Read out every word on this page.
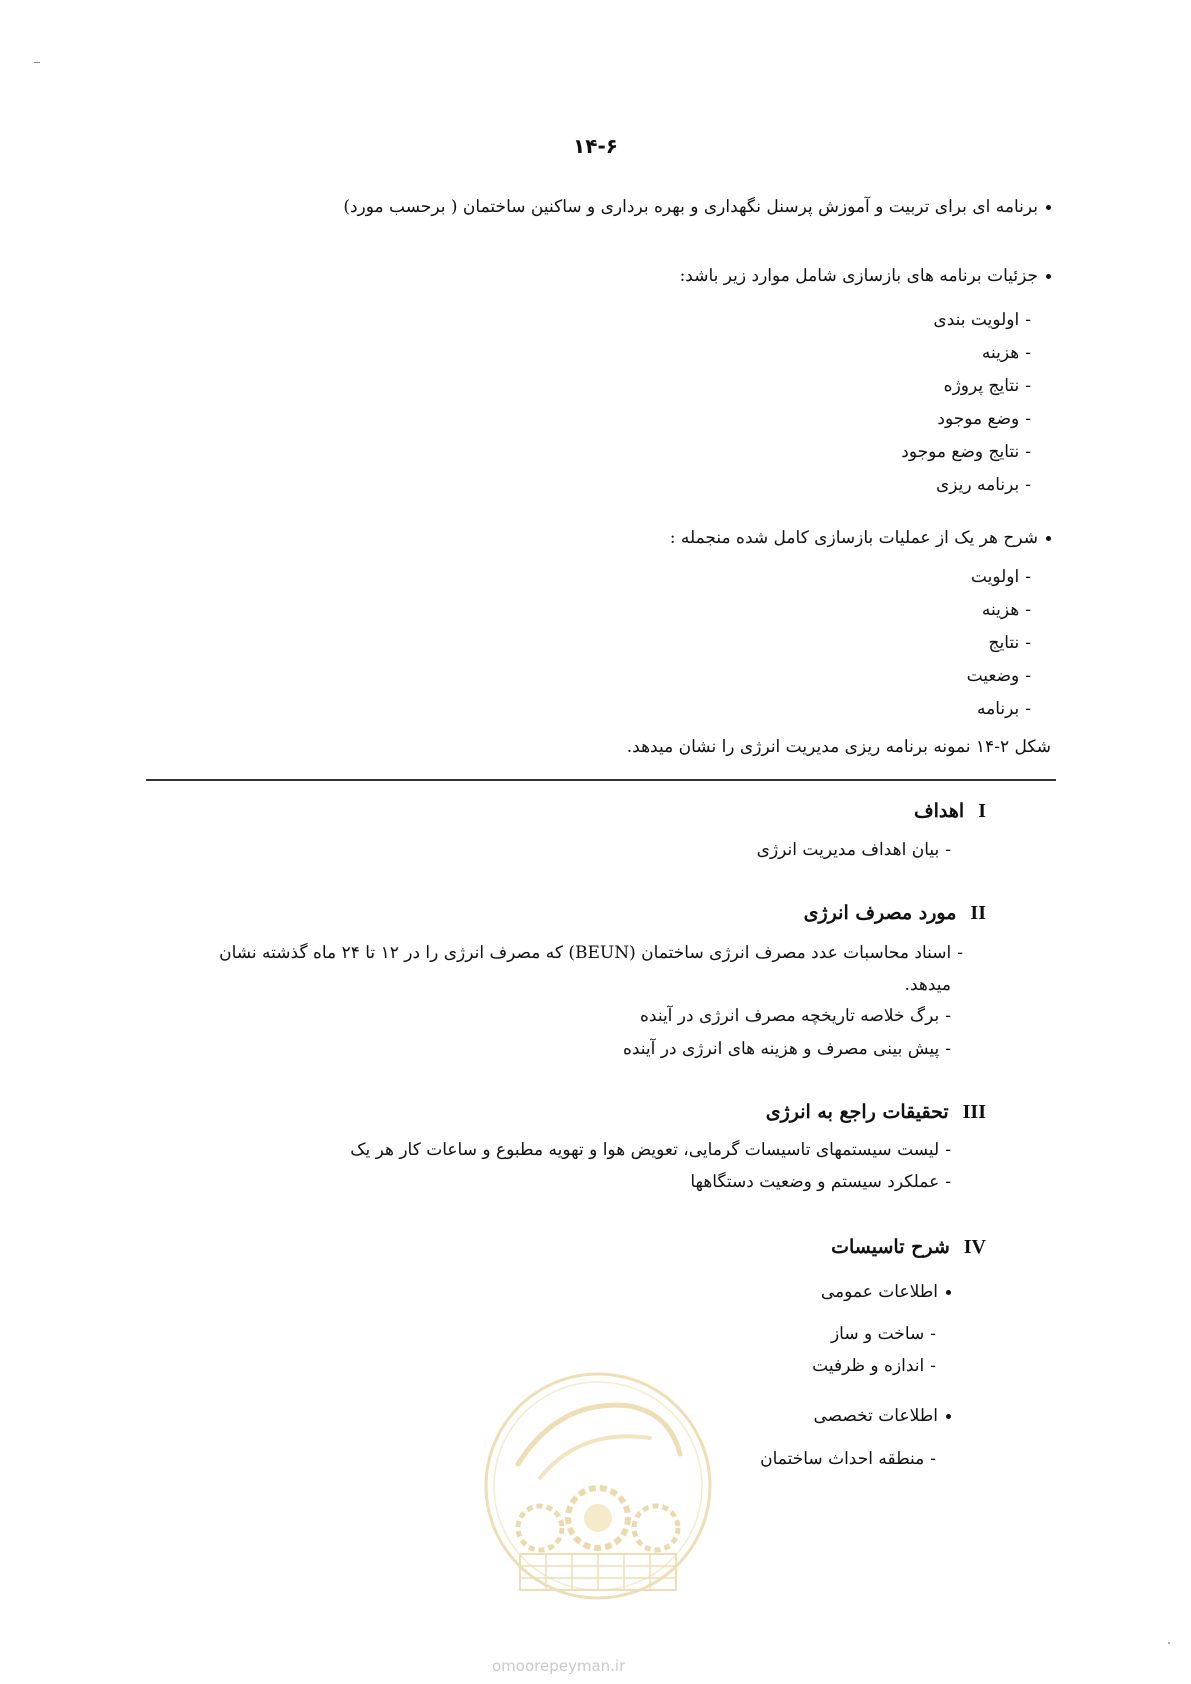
۱۴-۶
برنامه ای برای تربیت و آموزش پرسنل نگهداری و بهره برداری و ساکنین ساختمان ( برحسب مورد)
جزئیات برنامه های بازسازی شامل موارد زیر باشد:
-اولویت بندی
-هزینه
-نتایج پروژه
-وضع موجود
-نتایج وضع موجود
-برنامه ریزی
شرح هر یک از عملیات بازسازی کامل شده منجمله :
-اولویت
-هزینه
-نتایج
-وضعیت
-برنامه
شکل ۲-۱۴ نمونه برنامه ریزی مدیریت انرژی را نشان میدهد.
Iاهداف
-بیان اهداف مدیریت انرژی
IIمورد مصرف انرژی
-اسناد محاسبات عدد مصرف انرژی ساختمان (BEUN) که مصرف انرژی را در ۱۲ تا ۲۴ ماه گذشته نشان
میدهد.
-برگ خلاصه تاریخچه مصرف انرژی در آینده
-پیش بینی مصرف و هزینه های انرژی در آینده
IIIتحقیقات راجع به انرژی
-لیست سیستمهای تاسیسات گرمایی، تعویض هوا و تهویه مطبوع و ساعات کار هر یک
-عملکرد سیستم و وضعیت دستگاهها
IVشرح تاسیسات
اطلاعات عمومی
-ساخت و ساز
-اندازه و ظرفیت
اطلاعات تخصصی
-منطقه احداث ساختمان
omoorepeyman.ir
